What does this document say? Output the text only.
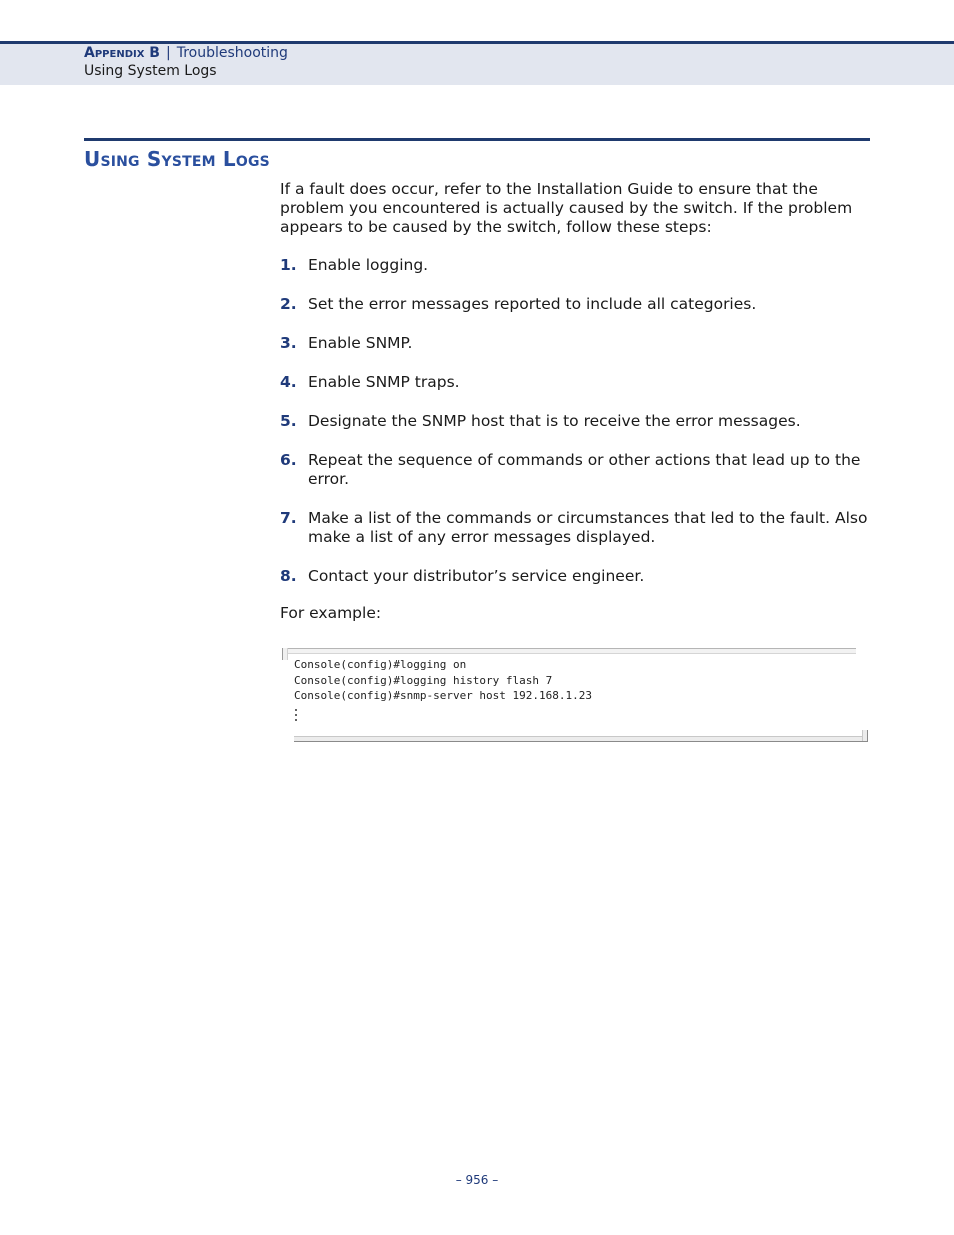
Appendix B | Troubleshooting
Using System Logs
Using System Logs
If a fault does occur, refer to the Installation Guide to ensure that the problem you encountered is actually caused by the switch. If the problem appears to be caused by the switch, follow these steps:
1. Enable logging.
2. Set the error messages reported to include all categories.
3. Enable SNMP.
4. Enable SNMP traps.
5. Designate the SNMP host that is to receive the error messages.
6. Repeat the sequence of commands or other actions that lead up to the error.
7. Make a list of the commands or circumstances that led to the fault. Also make a list of any error messages displayed.
8. Contact your distributor’s service engineer.
For example:
Console(config)#logging on
Console(config)#logging history flash 7
Console(config)#snmp-server host 192.168.1.23
– 956 –
